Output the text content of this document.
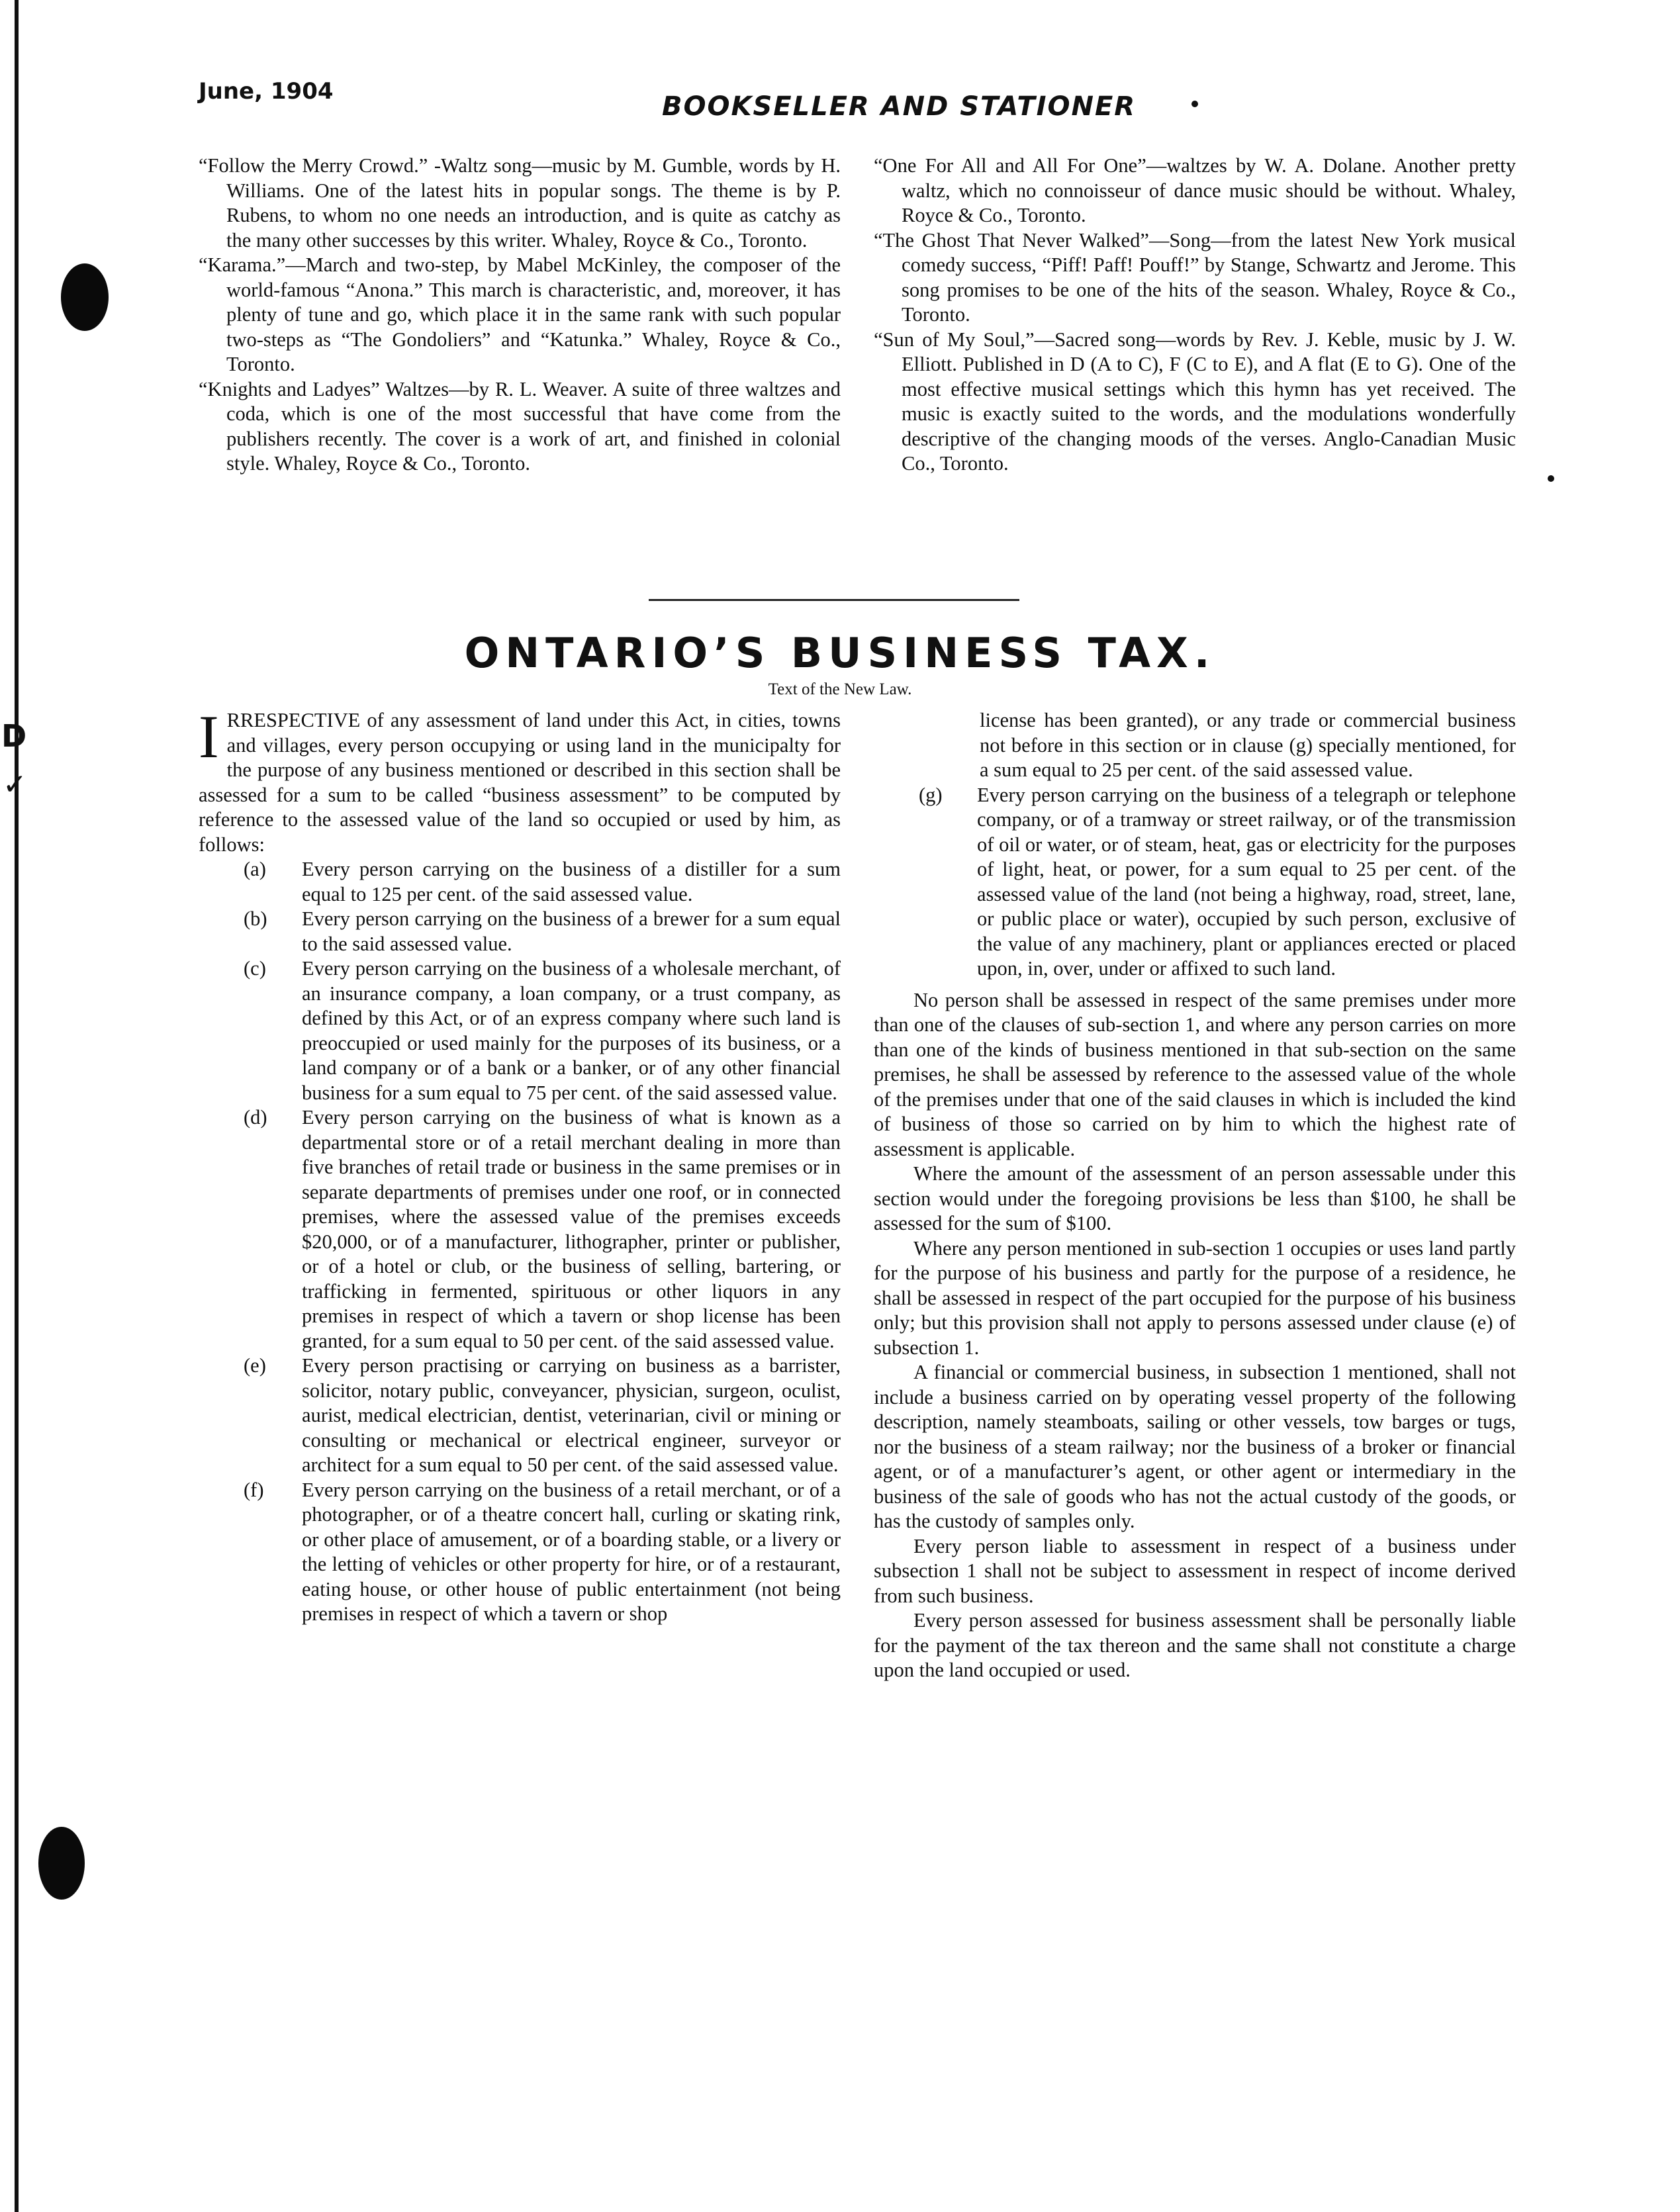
D
✓
June, 1904	BOOKSELLER AND STATIONER

“Follow the Merry Crowd.” -Waltz song—music by M. Gumble, words by H. Williams. One of the latest hits in popular songs. The theme is by P. Rubens, to whom no one needs an introduction, and is quite as catchy as the many other successes by this writer. Whaley, Royce & Co., Toronto.

“Karama.”—March and two-step, by Mabel McKinley, the composer of the world-famous “Anona.” This march is characteristic, and, moreover, it has plenty of tune and go, which place it in the same rank with such popular two-steps as “The Gondoliers” and “Katunka.” Whaley, Royce & Co., Toronto.

“Knights and Ladyes” Waltzes—by R. L. Weaver. A suite of three waltzes and coda, which is one of the most successful that have come from the publishers recently. The cover is a work of art, and finished in colonial style. Whaley, Royce & Co., Toronto.

“One For All and All For One”—waltzes by W. A. Dolane. Another pretty waltz, which no connoisseur of dance music should be without. Whaley, Royce & Co., Toronto.

“The Ghost That Never Walked”—Song—from the latest New York musical comedy success, “Piff! Paff! Pouff!” by Stange, Schwartz and Jerome. This song promises to be one of the hits of the season. Whaley, Royce & Co., Toronto.

“Sun of My Soul,”—Sacred song—words by Rev. J. Keble, music by J. W. Elliott. Published in D (A to C), F (C to E), and A flat (E to G). One of the most effective musical settings which this hymn has yet received. The music is exactly suited to the words, and the modulations wonderfully descriptive of the changing moods of the verses. Anglo-Canadian Music Co., Toronto.

ONTARIO’S BUSINESS TAX.
Text of the New Law.

IRRESPECTIVE of any assessment of land under this Act, in cities, towns and villages, every person occupying or using land in the municipalty for the purpose of any business mentioned or described in this section shall be assessed for a sum to be called “business assessment” to be computed by reference to the assessed value of the land so occupied or used by him, as follows:

(a)	Every person carrying on the business of a distiller for a sum equal to 125 per cent. of the said assessed value.
(b)	Every person carrying on the business of a brewer for a sum equal to the said assessed value.
(c)	Every person carrying on the business of a wholesale merchant, of an insurance company, a loan company, or a trust company, as defined by this Act, or of an express company where such land is preoccupied or used mainly for the purposes of its business, or a land company or of a bank or a banker, or of any other financial business for a sum equal to 75 per cent. of the said assessed value.
(d)	Every person carrying on the business of what is known as a departmental store or of a retail merchant dealing in more than five branches of retail trade or business in the same premises or in separate departments of premises under one roof, or in connected premises, where the assessed value of the premises exceeds $20,000, or of a manufacturer, lithographer, printer or publisher, or of a hotel or club, or the business of selling, bartering, or trafficking in fermented, spirituous or other liquors in any premises in respect of which a tavern or shop license has been granted, for a sum equal to 50 per cent. of the said assessed value.
(e)	Every person practising or carrying on business as a barrister, solicitor, notary public, conveyancer, physician, surgeon, oculist, aurist, medical electrician, dentist, veterinarian, civil or mining or consulting or mechanical or electrical engineer, surveyor or architect for a sum equal to 50 per cent. of the said assessed value.
(f)	Every person carrying on the business of a retail merchant, or of a photographer, or of a theatre concert hall, curling or skating rink, or other place of amusement, or of a boarding stable, or a livery or the letting of vehicles or other property for hire, or of a restaurant, eating house, or other house of public entertainment (not being premises in respect of which a tavern or shop

license has been granted), or any trade or commercial business not before in this section or in clause (g) specially mentioned, for a sum equal to 25 per cent. of the said assessed value.

(g)	Every person carrying on the business of a telegraph or telephone company, or of a tramway or street railway, or of the transmission of oil or water, or of steam, heat, gas or electricity for the purposes of light, heat, or power, for a sum equal to 25 per cent. of the assessed value of the land (not being a highway, road, street, lane, or public place or water), occupied by such person, exclusive of the value of any machinery, plant or appliances erected or placed upon, in, over, under or affixed to such land.

No person shall be assessed in respect of the same premises under more than one of the clauses of sub-section 1, and where any person carries on more than one of the kinds of business mentioned in that sub-section on the same premises, he shall be assessed by reference to the assessed value of the whole of the premises under that one of the said clauses in which is included the kind of business of those so carried on by him to which the highest rate of assessment is applicable.

Where the amount of the assessment of an person assessable under this section would under the foregoing provisions be less than $100, he shall be assessed for the sum of $100.

Where any person mentioned in sub-section 1 occupies or uses land partly for the purpose of his business and partly for the purpose of a residence, he shall be assessed in respect of the part occupied for the purpose of his business only; but this provision shall not apply to persons assessed under clause (e) of subsection 1.

A financial or commercial business, in subsection 1 mentioned, shall not include a business carried on by operating vessel property of the following description, namely steamboats, sailing or other vessels, tow barges or tugs, nor the business of a steam railway; nor the business of a broker or financial agent, or of a manufacturer’s agent, or other agent or intermediary in the business of the sale of goods who has not the actual custody of the goods, or has the custody of samples only.

Every person liable to assessment in respect of a business under subsection 1 shall not be subject to assessment in respect of income derived from such business.

Every person assessed for business assessment shall be personally liable for the payment of the tax thereon and the same shall not constitute a charge upon the land occupied or used.
